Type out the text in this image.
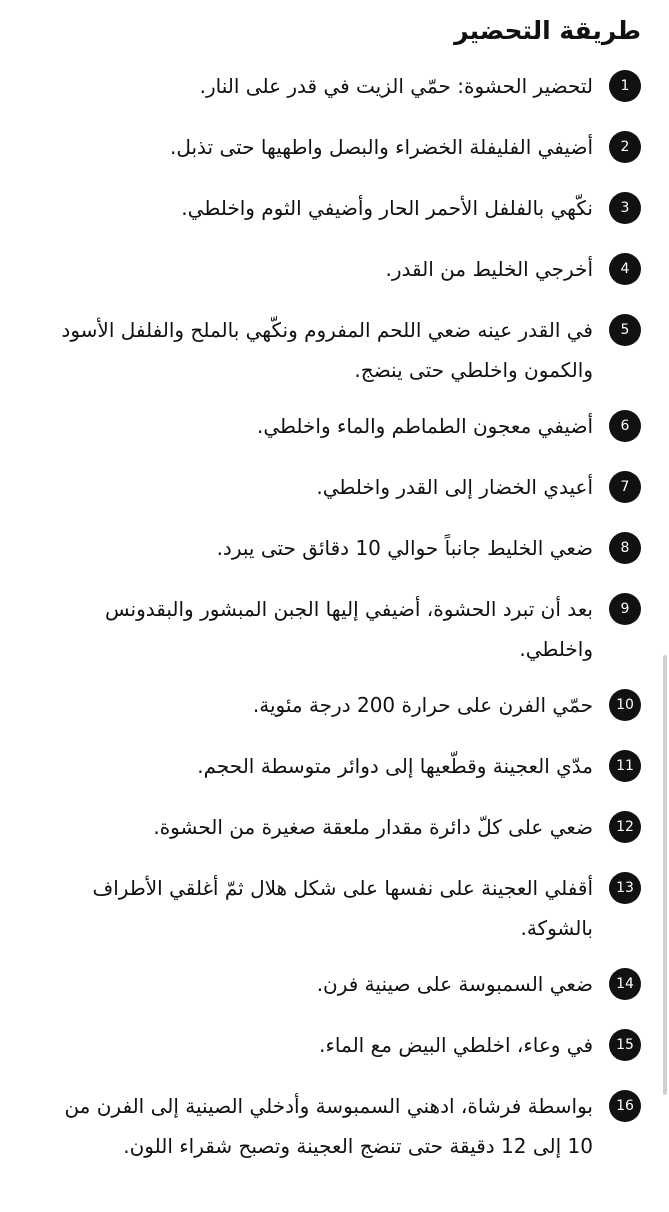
طريقة التحضير
1
لتحضير الحشوة: حمّي الزيت في قدر على النار.
2
أضيفي الفليفلة الخضراء والبصل واطهيها حتى تذبل.
3
نكّهي بالفلفل الأحمر الحار وأضيفي الثوم واخلطي.
4
أخرجي الخليط من القدر.
5
في القدر عينه ضعي اللحم المفروم ونكّهي بالملح والفلفل الأسود والكمون واخلطي حتى ينضج.
6
أضيفي معجون الطماطم والماء واخلطي.
7
أعيدي الخضار إلى القدر واخلطي.
8
ضعي الخليط جانباً حوالي 10 دقائق حتى يبرد.
9
بعد أن تبرد الحشوة، أضيفي إليها الجبن المبشور والبقدونس واخلطي.
10
حمّي الفرن على حرارة 200 درجة مئوية.
11
مدّي العجينة وقطّعيها إلى دوائر متوسطة الحجم.
12
ضعي على كلّ دائرة مقدار ملعقة صغيرة من الحشوة.
13
أقفلي العجينة على نفسها على شكل هلال ثمّ أغلقي الأطراف بالشوكة.
14
ضعي السمبوسة على صينية فرن.
15
في وعاء، اخلطي البيض مع الماء.
16
بواسطة فرشاة، ادهني السمبوسة وأدخلي الصينية إلى الفرن من 10 إلى 12 دقيقة حتى تنضج العجينة وتصبح شقراء اللون.
